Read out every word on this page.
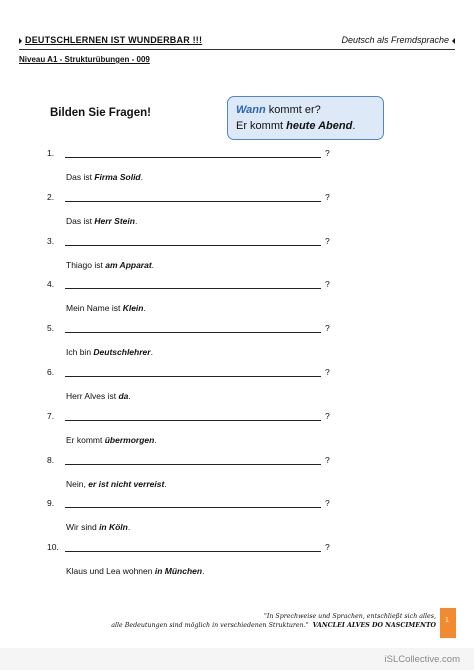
DEUTSCHLERNEN IST WUNDERBAR !!!	Deutsch als Fremdsprache
Niveau A1 - Strukturübungen - 009
Bilden Sie Fragen!	Wann kommt er?
Er kommt heute Abend.
1.	?
Das ist Firma Solid.
2.	?
Das ist Herr Stein.
3.	?
Thiago ist am Apparat.
4.	?
Mein Name ist Klein.
5.	?
Ich bin Deutschlehrer.
6.	?
Herr Alves ist da.
7.	?
Er kommt übermorgen.
8.	?
Nein, er ist nicht verreist.
9.	?
Wir sind in Köln.
10.	?
Klaus und Lea wohnen in München.
"In Sprechweise und Sprachen, entschließt sich alles,
alle Bedeutungen sind möglich in verschiedenen Strukturen." VANCLEI ALVES DO NASCIMENTO
1
iSLCollective.com
